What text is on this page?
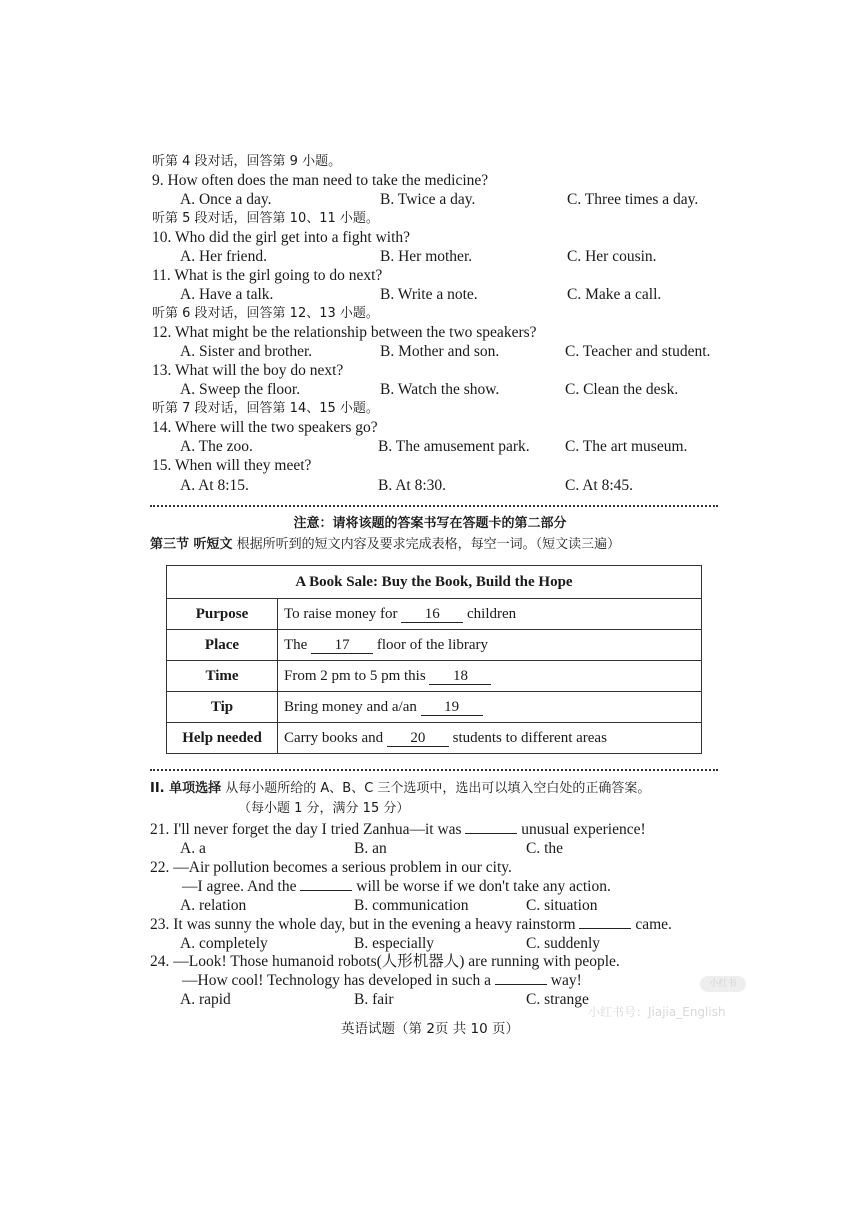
听第 4 段对话，回答第 9 小题。
9. How often does the man need to take the medicine?
A. Once a day.	B. Twice a day.	C. Three times a day.
听第 5 段对话，回答第 10、11 小题。
10. Who did the girl get into a fight with?
A. Her friend.	B. Her mother.	C. Her cousin.
11. What is the girl going to do next?
A. Have a talk.	B. Write a note.	C. Make a call.
听第 6 段对话，回答第 12、13 小题。
12. What might be the relationship between the two speakers?
A. Sister and brother.	B. Mother and son.	C. Teacher and student.
13. What will the boy do next?
A. Sweep the floor.	B. Watch the show.	C. Clean the desk.
听第 7 段对话，回答第 14、15 小题。
14. Where will the two speakers go?
A. The zoo.	B. The amusement park. C. The art museum.
15. When will they meet?
A. At 8:15.	B. At 8:30.	C. At 8:45.
注意：请将该题的答案书写在答题卡的第二部分
第三节 听短文 根据所听到的短文内容及要求完成表格，每空一词。（短文读三遍）
A Book Sale: Buy the Book, Build the Hope	
Purpose	To raise money for 16 children
Place	The 17 floor of the library
Time	From 2 pm to 5 pm this 18
Tip	Bring money and a/an 19
Help needed	Carry books and 20 students to different areas
II. 单项选择 从每小题所给的 A、B、C 三个选项中，选出可以填入空白处的正确答案。
（每小题 1 分，满分 15 分）
21. I'll never forget the day I tried Zanhua—it was	unusual experience!
A. a	B. an	C. the
22. —Air pollution becomes a serious problem in our city.
—I agree. And the	will be worse if we don't take any action.
A. relation	B. communication	C. situation
23. It was sunny the whole day, but in the evening a heavy rainstorm	came.
A. completely	B. especially	C. suddenly
24. —Look! Those humanoid robots(人形机器人) are running with people.
—How cool! Technology has developed in such a	way!
A. rapid	B. fair	C. strange
小红书
小红书号：Jiajia_English
英语试题（第 2页 共 10 页）
